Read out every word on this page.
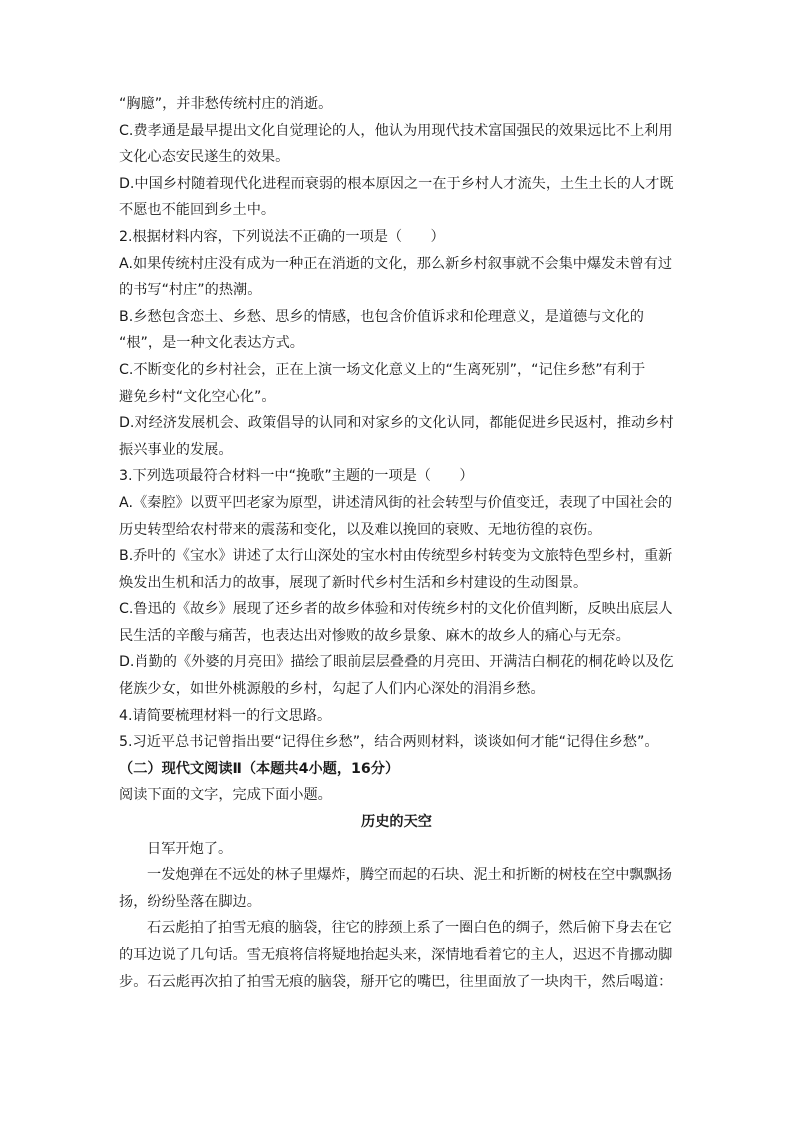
“胸臆”，并非愁传统村庄的消逝。
C.费孝通是最早提出文化自觉理论的人，他认为用现代技术富国强民的效果远比不上利用
文化心态安民遂生的效果。
D.中国乡村随着现代化进程而衰弱的根本原因之一在于乡村人才流失，土生土长的人才既
不愿也不能回到乡土中。
2.根据材料内容，下列说法不正确的一项是（　　）
A.如果传统村庄没有成为一种正在消逝的文化，那么新乡村叙事就不会集中爆发未曾有过
的书写“村庄”的热潮。
B.乡愁包含恋土、乡愁、思乡的情感，也包含价值诉求和伦理意义，是道德与文化的
“根”，是一种文化表达方式。
C.不断变化的乡村社会，正在上演一场文化意义上的“生离死别”，“记住乡愁”有利于
避免乡村“文化空心化”。
D.对经济发展机会、政策倡导的认同和对家乡的文化认同，都能促进乡民返村，推动乡村
振兴事业的发展。
3.下列选项最符合材料一中“挽歌”主题的一项是（　　）
A.《秦腔》以贾平凹老家为原型，讲述清风街的社会转型与价值变迁，表现了中国社会的
历史转型给农村带来的震荡和变化，以及难以挽回的衰败、无地彷徨的哀伤。
B.乔叶的《宝水》讲述了太行山深处的宝水村由传统型乡村转变为文旅特色型乡村，重新
焕发出生机和活力的故事，展现了新时代乡村生活和乡村建设的生动图景。
C.鲁迅的《故乡》展现了还乡者的故乡体验和对传统乡村的文化价值判断，反映出底层人
民生活的辛酸与痛苦，也表达出对惨败的故乡景象、麻木的故乡人的痛心与无奈。
D.肖勤的《外婆的月亮田》描绘了眼前层层叠叠的月亮田、开满洁白桐花的桐花岭以及仡
佬族少女，如世外桃源般的乡村，勾起了人们内心深处的涓涓乡愁。
4.请简要梳理材料一的行文思路。
5.习近平总书记曾指出要“记得住乡愁”，结合两则材料，谈谈如何才能“记得住乡愁”。
（二）现代文阅读Ⅱ（本题共4小题，16分）
阅读下面的文字，完成下面小题。
历史的天空
日军开炮了。
一发炮弹在不远处的林子里爆炸，腾空而起的石块、泥土和折断的树枝在空中飘飘扬
扬，纷纷坠落在脚边。
石云彪拍了拍雪无痕的脑袋，往它的脖颈上系了一圈白色的绸子，然后俯下身去在它
的耳边说了几句话。雪无痕将信将疑地抬起头来，深情地看着它的主人，迟迟不肯挪动脚
步。石云彪再次拍了拍雪无痕的脑袋，掰开它的嘴巴，往里面放了一块肉干，然后喝道：
